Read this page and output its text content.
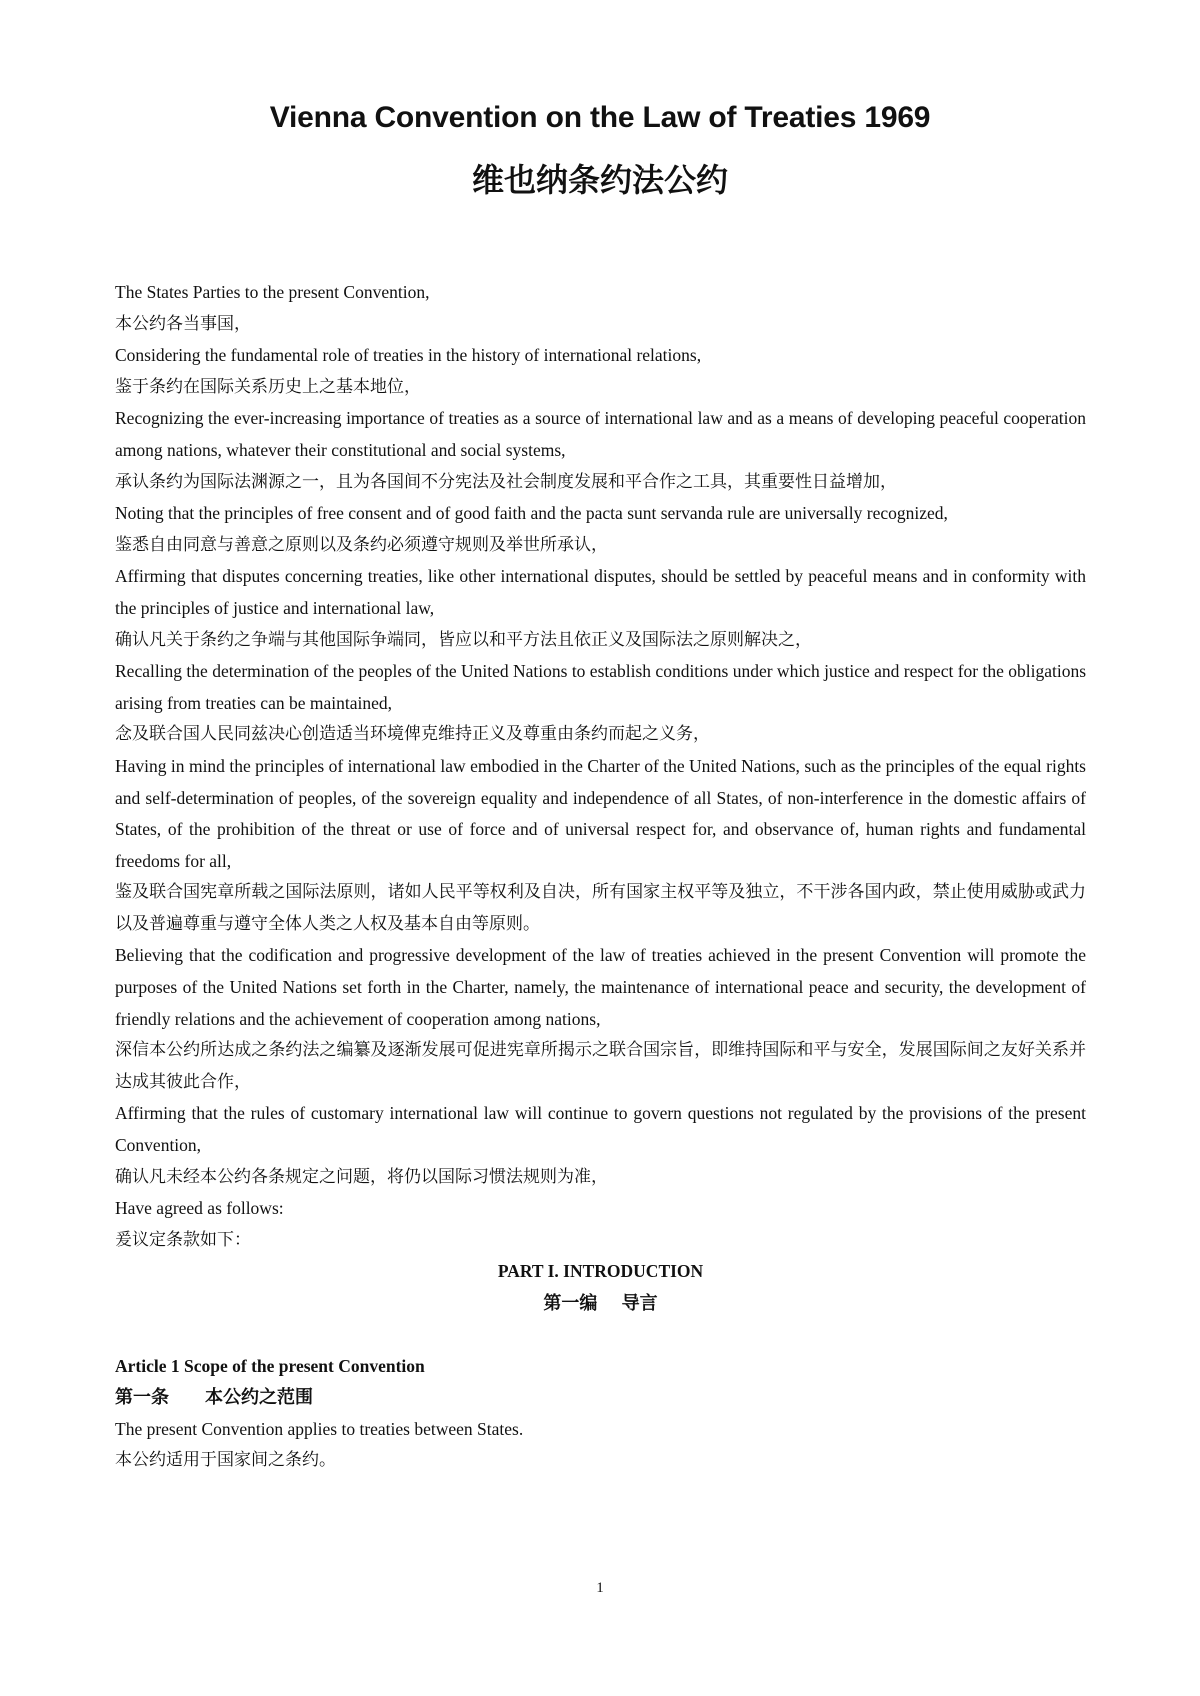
Vienna Convention on the Law of Treaties 1969
维也纳条约法公约

The States Parties to the present Convention,

本公约各当事国，

Considering the fundamental role of treaties in the history of international relations,

鉴于条约在国际关系历史上之基本地位，

Recognizing the ever-increasing importance of treaties as a source of international law and as a means of developing peaceful cooperation among nations, whatever their constitutional and social systems,

承认条约为国际法渊源之一，且为各国间不分宪法及社会制度发展和平合作之工具，其重要性日益增加，

Noting that the principles of free consent and of good faith and the pacta sunt servanda rule are universally recognized,

鉴悉自由同意与善意之原则以及条约必须遵守规则及举世所承认，

Affirming that disputes concerning treaties, like other international disputes, should be settled by peaceful means and in conformity with the principles of justice and international law,

确认凡关于条约之争端与其他国际争端同，皆应以和平方法且依正义及国际法之原则解决之，

Recalling the determination of the peoples of the United Nations to establish conditions under which justice and respect for the obligations arising from treaties can be maintained,

念及联合国人民同兹决心创造适当环境俾克维持正义及尊重由条约而起之义务，

Having in mind the principles of international law embodied in the Charter of the United Nations, such as the principles of the equal rights and self-determination of peoples, of the sovereign equality and independence of all States, of non-interference in the domestic affairs of States, of the prohibition of the threat or use of force and of universal respect for, and observance of, human rights and fundamental freedoms for all,

鉴及联合国宪章所载之国际法原则，诸如人民平等权利及自决，所有国家主权平等及独立，不干涉各国内政，禁止使用威胁或武力以及普遍尊重与遵守全体人类之人权及基本自由等原则。

Believing that the codification and progressive development of the law of treaties achieved in the present Convention will promote the purposes of the United Nations set forth in the Charter, namely, the maintenance of international peace and security, the development of friendly relations and the achievement of cooperation among nations,

深信本公约所达成之条约法之编纂及逐渐发展可促进宪章所揭示之联合国宗旨，即维持国际和平与安全，发展国际间之友好关系并达成其彼此合作，

Affirming that the rules of customary international law will continue to govern questions not regulated by the provisions of the present Convention,

确认凡未经本公约各条规定之问题，将仍以国际习惯法规则为准，

Have agreed as follows:

爰议定条款如下：

PART I. INTRODUCTION

第一编 导言

Article 1 Scope of the present Convention

第一条 本公约之范围

The present Convention applies to treaties between States.

本公约适用于国家间之条约。

1
